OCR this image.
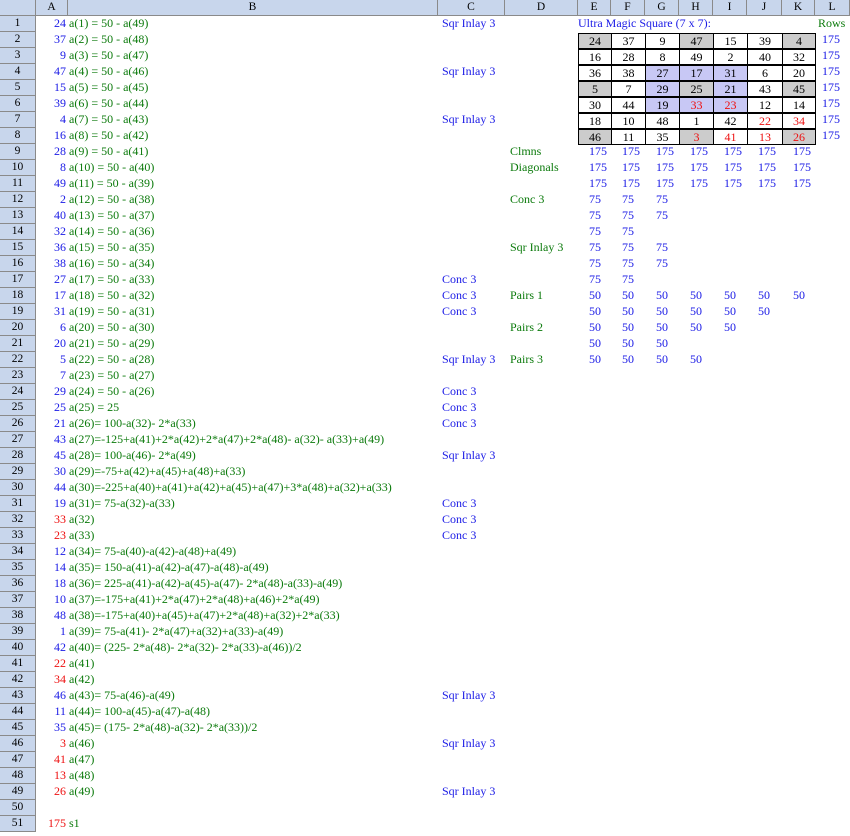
A	B	C	D	E	F	G	H	I	J	K	L
1	24 a(1) = 50 - a(49)	Sqr Inlay 3
2	37 a(2) = 50 - a(48)
3	9 a(3) = 50 - a(47)
4	47 a(4) = 50 - a(46)	Sqr Inlay 3
5	15 a(5) = 50 - a(45)
6	39 a(6) = 50 - a(44)
7	4 a(7) = 50 - a(43)	Sqr Inlay 3
8	16 a(8) = 50 - a(42)
9	28 a(9) = 50 - a(41)
10	8 a(10) = 50 - a(40)
11	49 a(11) = 50 - a(39)
12	2 a(12) = 50 - a(38)
13	40 a(13) = 50 - a(37)
14	32 a(14) = 50 - a(36)
15	36 a(15) = 50 - a(35)
16	38 a(16) = 50 - a(34)
17	27 a(17) = 50 - a(33)	Conc 3
18	17 a(18) = 50 - a(32)	Conc 3
19	31 a(19) = 50 - a(31)	Conc 3
20	6 a(20) = 50 - a(30)
21	20 a(21) = 50 - a(29)
22	5 a(22) = 50 - a(28)	Sqr Inlay 3
23	7 a(23) = 50 - a(27)
24	29 a(24) = 50 - a(26)	Conc 3
25	25 a(25) = 25	Conc 3
26	21 a(26)= 100-a(32)- 2*a(33)	Conc 3
27	43 a(27)=-125+a(41)+2*a(42)+2*a(47)+2*a(48)- a(32)- a(33)+a(49)
28	45 a(28)= 100-a(46)- 2*a(49)	Sqr Inlay 3
29	30 a(29)=-75+a(42)+a(45)+a(48)+a(33)
30	44 a(30)=-225+a(40)+a(41)+a(42)+a(45)+a(47)+3*a(48)+a(32)+a(33)
31	19 a(31)= 75-a(32)-a(33)	Conc 3
32	33 a(32)	Conc 3
33	23 a(33)	Conc 3
34	12 a(34)= 75-a(40)-a(42)-a(48)+a(49)
35	14 a(35)= 150-a(41)-a(42)-a(47)-a(48)-a(49)
36	18 a(36)= 225-a(41)-a(42)-a(45)-a(47)- 2*a(48)-a(33)-a(49)
37	10 a(37)=-175+a(41)+2*a(47)+2*a(48)+a(46)+2*a(49)
38	48 a(38)=-175+a(40)+a(45)+a(47)+2*a(48)+a(32)+2*a(33)
39	1 a(39)= 75-a(41)- 2*a(47)+a(32)+a(33)-a(49)
40	42 a(40)= (225- 2*a(48)- 2*a(32)- 2*a(33)-a(46))/2
41	22 a(41)
42	34 a(42)
43	46 a(43)= 75-a(46)-a(49)	Sqr Inlay 3
44	11 a(44)= 100-a(45)-a(47)-a(48)
45	35 a(45)= (175- 2*a(48)-a(32)- 2*a(33))/2
46	3 a(46)	Sqr Inlay 3
47	41 a(47)
48	13 a(48)
49	26 a(49)	Sqr Inlay 3
50
51	175 s1
Ultra Magic Square (7 x 7):	Rows
24	37	9	47	15	39	4	175
16	28	8	49	2	40	32	175
36	38	27	17	31	6	20	175
5	7	29	25	21	43	45	175
30	44	19	33	23	12	14	175
18	10	48	1	42	22	34	175
46	11	35	3	41	13	26	175
Clmns	175 175 175 175 175 175 175
Diagonals	175 175 175 175 175 175 175
175 175 175 175 175 175 175
Conc 3	75 75 75
75 75 75
75 75
Sqr Inlay 3 75 75 75
75 75 75
75 75
Pairs 1	50 50 50 50 50 50 50
50 50 50 50 50 50
Pairs 2	50 50 50 50 50
50 50 50
Pairs 3	50 50 50 50
